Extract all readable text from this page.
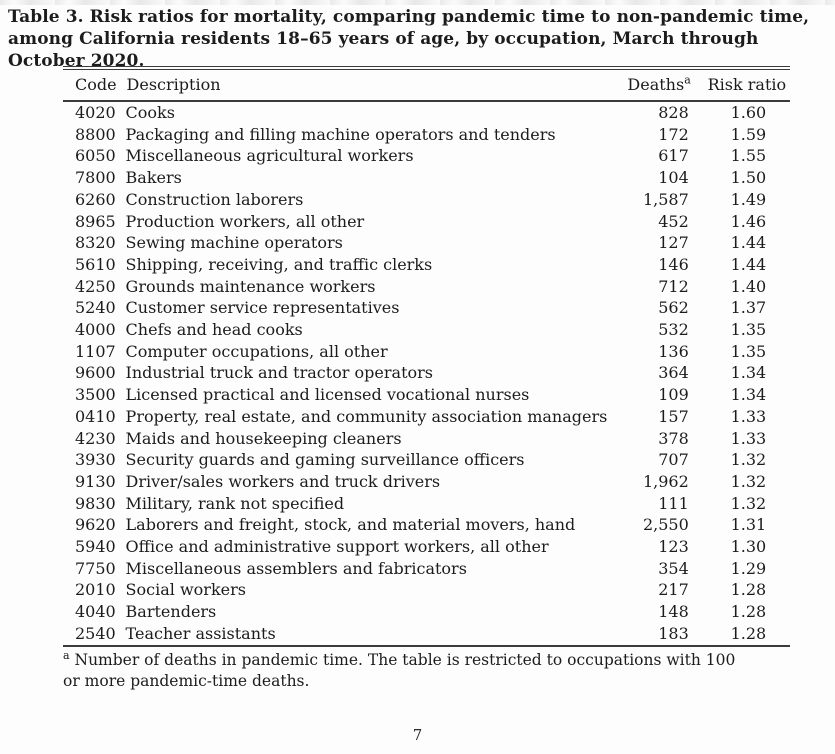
Table 3. Risk ratios for mortality, comparing pandemic time to non-pandemic time, among California residents 18–65 years of age, by occupation, March through October 2020.
Code	Description	Deaths$^a$	Risk ratio
4020	Cooks	828	1.60
8800	Packaging and filling machine operators and tenders	172	1.59
6050	Miscellaneous agricultural workers	617	1.55
7800	Bakers	104	1.50
6260	Construction laborers	1,587	1.49
8965	Production workers, all other	452	1.46
8320	Sewing machine operators	127	1.44
5610	Shipping, receiving, and traffic clerks	146	1.44
4250	Grounds maintenance workers	712	1.40
5240	Customer service representatives	562	1.37
4000	Chefs and head cooks	532	1.35
1107	Computer occupations, all other	136	1.35
9600	Industrial truck and tractor operators	364	1.34
3500	Licensed practical and licensed vocational nurses	109	1.34
0410	Property, real estate, and community association managers	157	1.33
4230	Maids and housekeeping cleaners	378	1.33
3930	Security guards and gaming surveillance officers	707	1.32
9130	Driver/sales workers and truck drivers	1,962	1.32
9830	Military, rank not specified	111	1.32
9620	Laborers and freight, stock, and material movers, hand	2,550	1.31
5940	Office and administrative support workers, all other	123	1.30
7750	Miscellaneous assemblers and fabricators	354	1.29
2010	Social workers	217	1.28
4040	Bartenders	148	1.28
2540	Teacher assistants	183	1.28
$^a$ Number of deaths in pandemic time. The table is restricted to occupations with 100
or more pandemic-time deaths.
7
